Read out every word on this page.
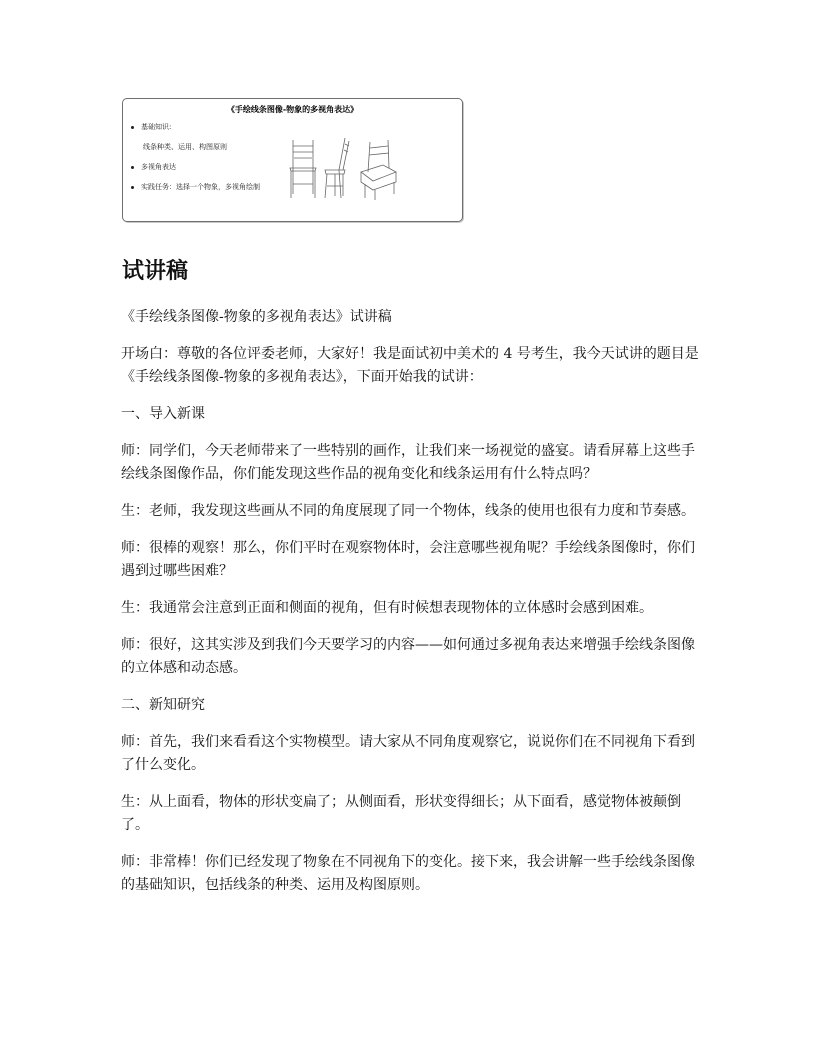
《手绘线条图像-物象的多视角表达》
基础知识:
线条种类、运用、构图原则
多视角表达
实践任务：选择一个物象，多视角绘制
试讲稿

《手绘线条图像-物象的多视角表达》试讲稿

开场白：尊敬的各位评委老师，大家好！我是面试初中美术的 4 号考生，我今天试讲的题目是《手绘线条图像-物象的多视角表达》，下面开始我的试讲：

一、导入新课

师：同学们，今天老师带来了一些特别的画作，让我们来一场视觉的盛宴。请看屏幕上这些手绘线条图像作品，你们能发现这些作品的视角变化和线条运用有什么特点吗？

生：老师，我发现这些画从不同的角度展现了同一个物体，线条的使用也很有力度和节奏感。

师：很棒的观察！那么，你们平时在观察物体时，会注意哪些视角呢？手绘线条图像时，你们遇到过哪些困难？

生：我通常会注意到正面和侧面的视角，但有时候想表现物体的立体感时会感到困难。

师：很好，这其实涉及到我们今天要学习的内容——如何通过多视角表达来增强手绘线条图像的立体感和动态感。

二、新知研究

师：首先，我们来看看这个实物模型。请大家从不同角度观察它，说说你们在不同视角下看到了什么变化。

生：从上面看，物体的形状变扁了；从侧面看，形状变得细长；从下面看，感觉物体被颠倒了。

师：非常棒！你们已经发现了物象在不同视角下的变化。接下来，我会讲解一些手绘线条图像的基础知识，包括线条的种类、运用及构图原则。
